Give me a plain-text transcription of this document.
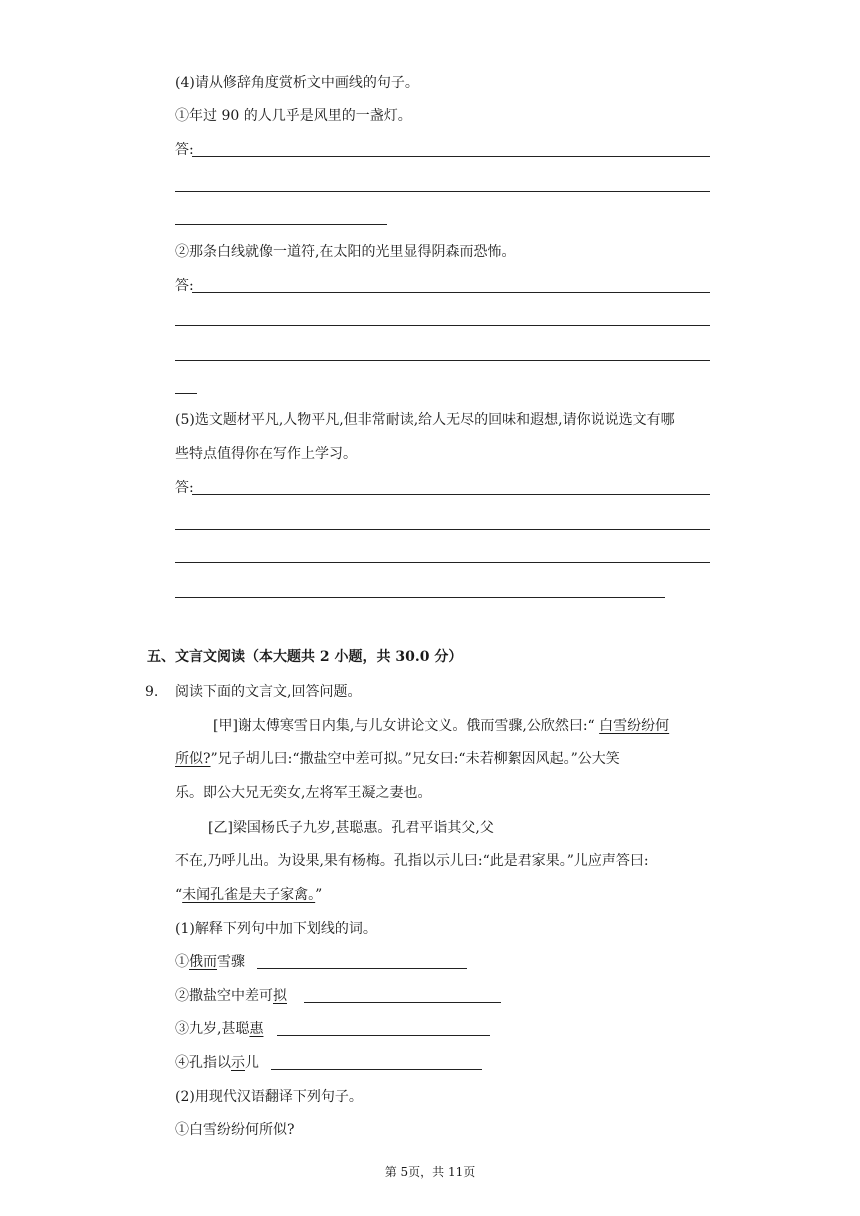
(4)请从修辞角度赏析文中画线的句子。
①年过 90 的人几乎是风里的一盏灯。
答:
②那条白线就像一道符,在太阳的光里显得阴森而恐怖。
答:
(5)选文题材平凡,人物平凡,但非常耐读,给人无尽的回味和遐想,请你说说选文有哪
些特点值得你在写作上学习。
答:
五、文言文阅读（本大题共 2 小题，共 30.0 分）
9. 阅读下面的文言文,回答问题。
[甲]谢太傅寒雪日内集,与儿女讲论文义。俄而雪骤,公欣然曰:“ 白雪纷纷何
所似?”兄子胡儿曰:“撒盐空中差可拟。”兄女曰:“未若柳絮因风起。”公大笑
乐。即公大兄无奕女,左将军王凝之妻也。
[乙]梁国杨氏子九岁,甚聪惠。孔君平诣其父,父
不在,乃呼儿出。为设果,果有杨梅。孔指以示儿曰:“此是君家果。”儿应声答曰:
“未闻孔雀是夫子家禽。”
(1)解释下列句中加下划线的词。
①俄而雪骤
②撒盐空中差可拟
③九岁,甚聪惠
④孔指以示儿
(2)用现代汉语翻译下列句子。
①白雪纷纷何所似?
第 5页，共 11页
